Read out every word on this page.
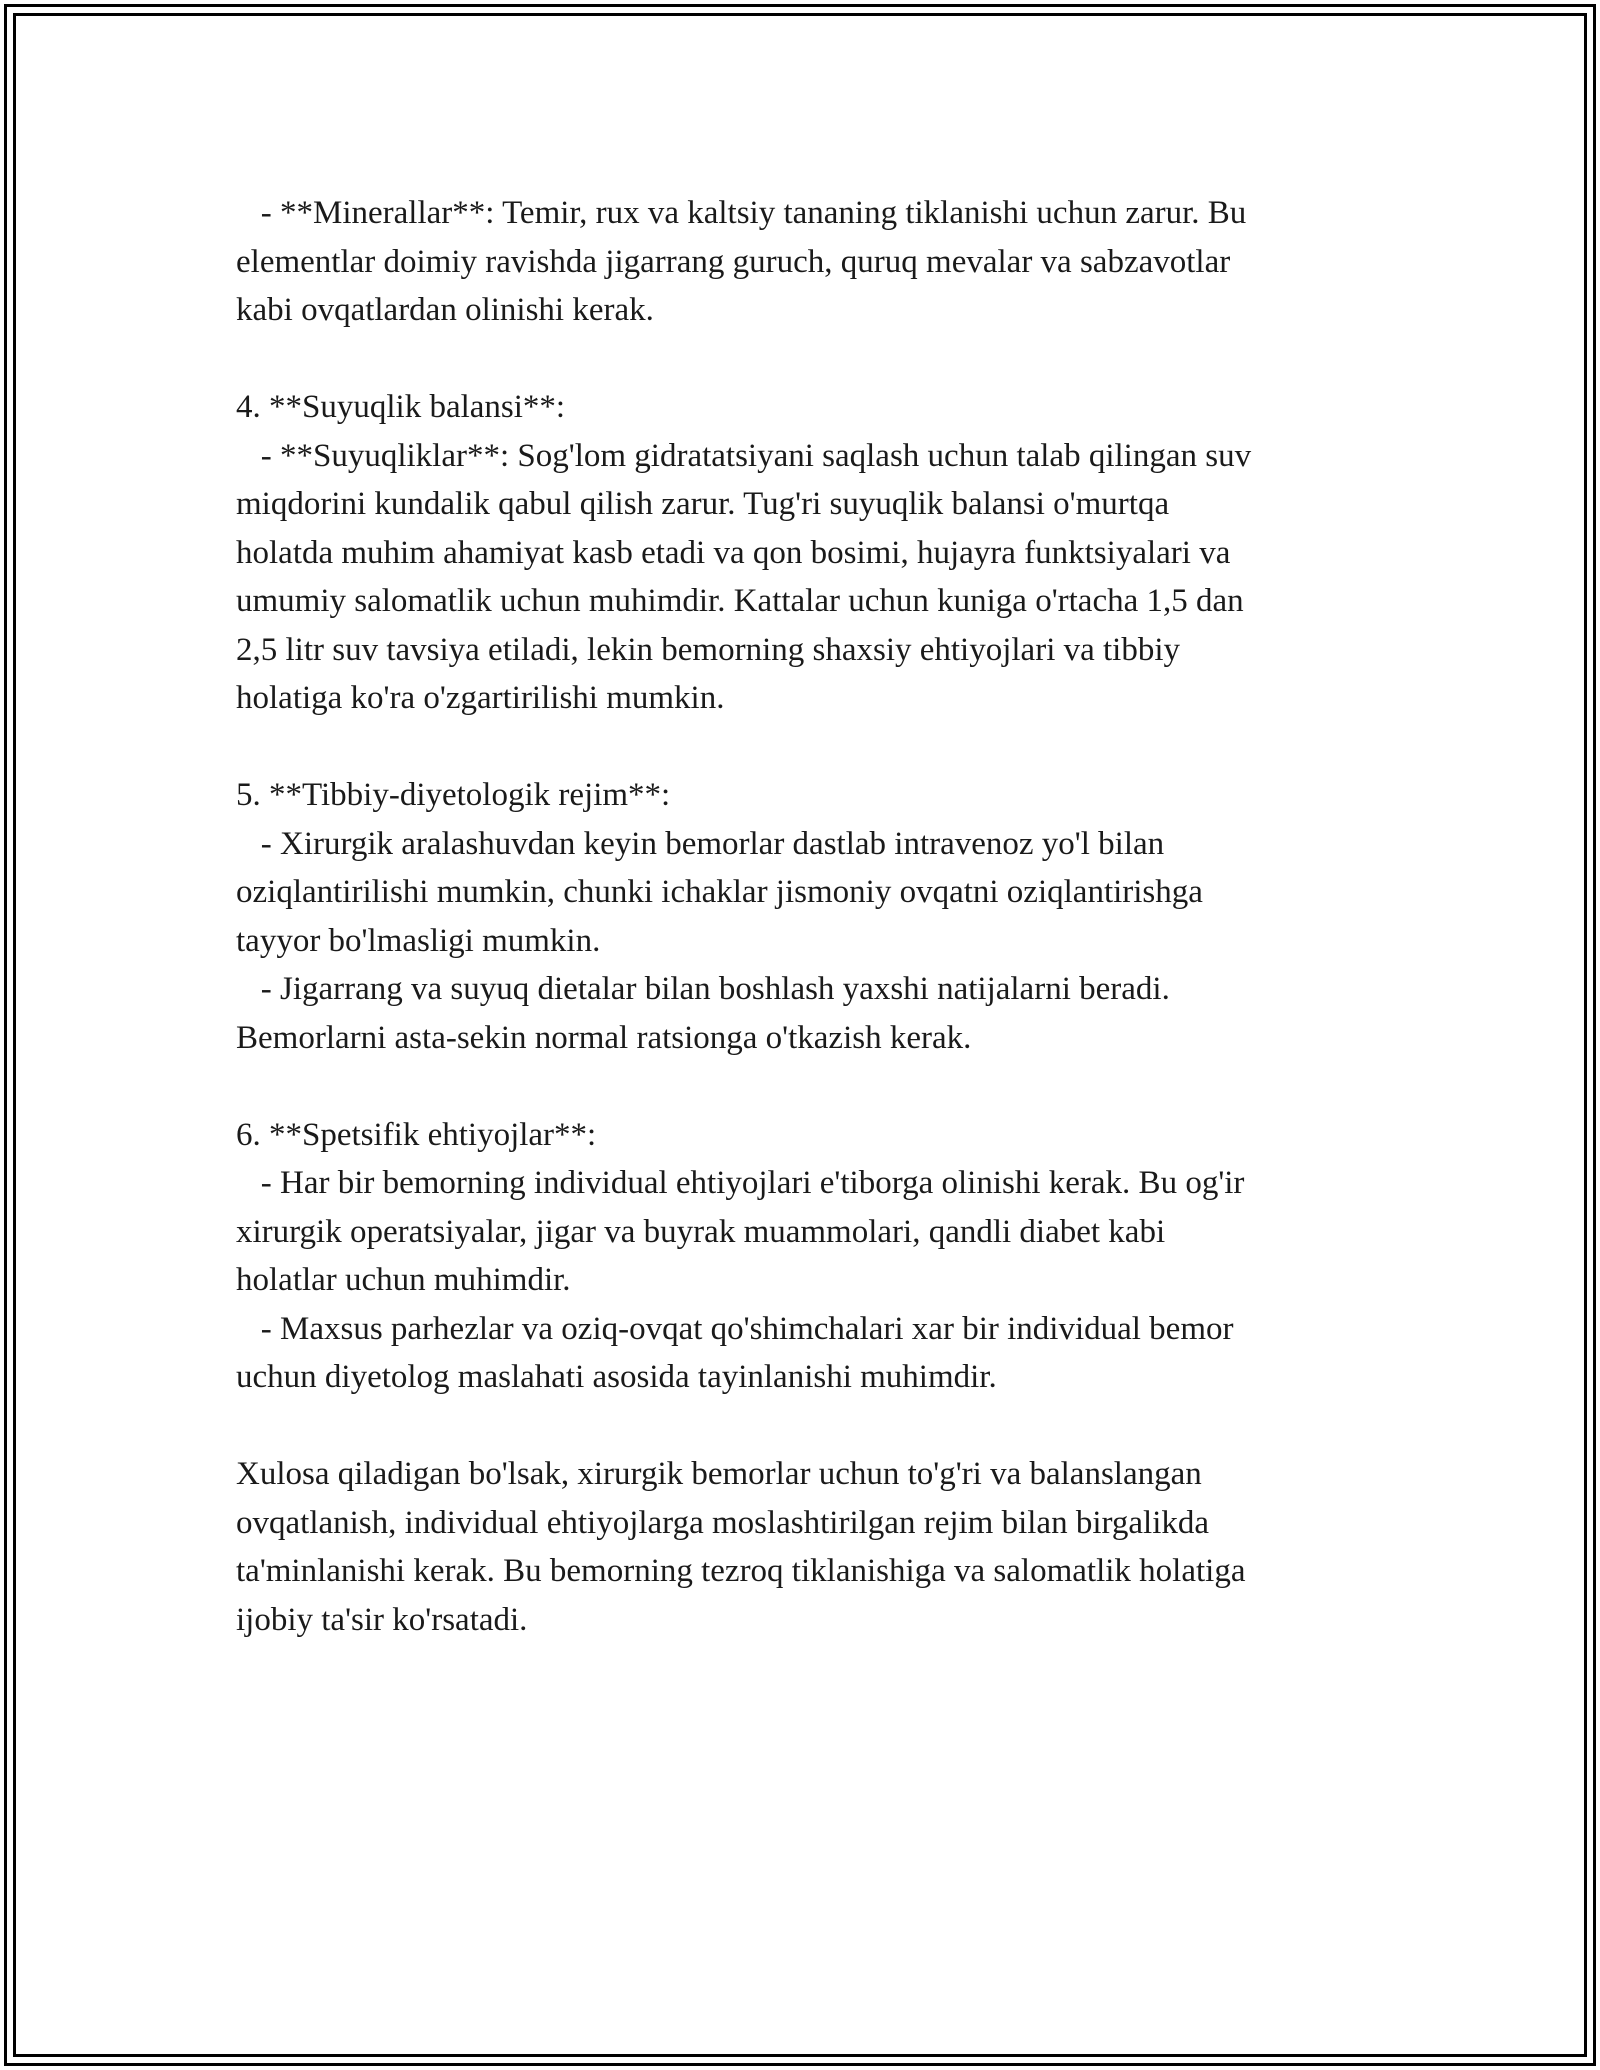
- **Minerallar**: Temir, rux va kaltsiy tananing tiklanishi uchun zarur. Bu
elementlar doimiy ravishda jigarrang guruch, quruq mevalar va sabzavotlar
kabi ovqatlardan olinishi kerak.
4. **Suyuqlik balansi**:
- **Suyuqliklar**: Sog'lom gidratatsiyani saqlash uchun talab qilingan suv
miqdorini kundalik qabul qilish zarur. Tug'ri suyuqlik balansi o'murtqa
holatda muhim ahamiyat kasb etadi va qon bosimi, hujayra funktsiyalari va
umumiy salomatlik uchun muhimdir. Kattalar uchun kuniga o'rtacha 1,5 dan
2,5 litr suv tavsiya etiladi, lekin bemorning shaxsiy ehtiyojlari va tibbiy
holatiga ko'ra o'zgartirilishi mumkin.
5. **Tibbiy-diyetologik rejim**:
- Xirurgik aralashuvdan keyin bemorlar dastlab intravenoz yo'l bilan
oziqlantirilishi mumkin, chunki ichaklar jismoniy ovqatni oziqlantirishga
tayyor bo'lmasligi mumkin.
- Jigarrang va suyuq dietalar bilan boshlash yaxshi natijalarni beradi.
Bemorlarni asta-sekin normal ratsionga o'tkazish kerak.
6. **Spetsifik ehtiyojlar**:
- Har bir bemorning individual ehtiyojlari e'tiborga olinishi kerak. Bu og'ir
xirurgik operatsiyalar, jigar va buyrak muammolari, qandli diabet kabi
holatlar uchun muhimdir.
- Maxsus parhezlar va oziq-ovqat qo'shimchalari xar bir individual bemor
uchun diyetolog maslahati asosida tayinlanishi muhimdir.
Xulosa qiladigan bo'lsak, xirurgik bemorlar uchun to'g'ri va balanslangan
ovqatlanish, individual ehtiyojlarga moslashtirilgan rejim bilan birgalikda
ta'minlanishi kerak. Bu bemorning tezroq tiklanishiga va salomatlik holatiga
ijobiy ta'sir ko'rsatadi.
